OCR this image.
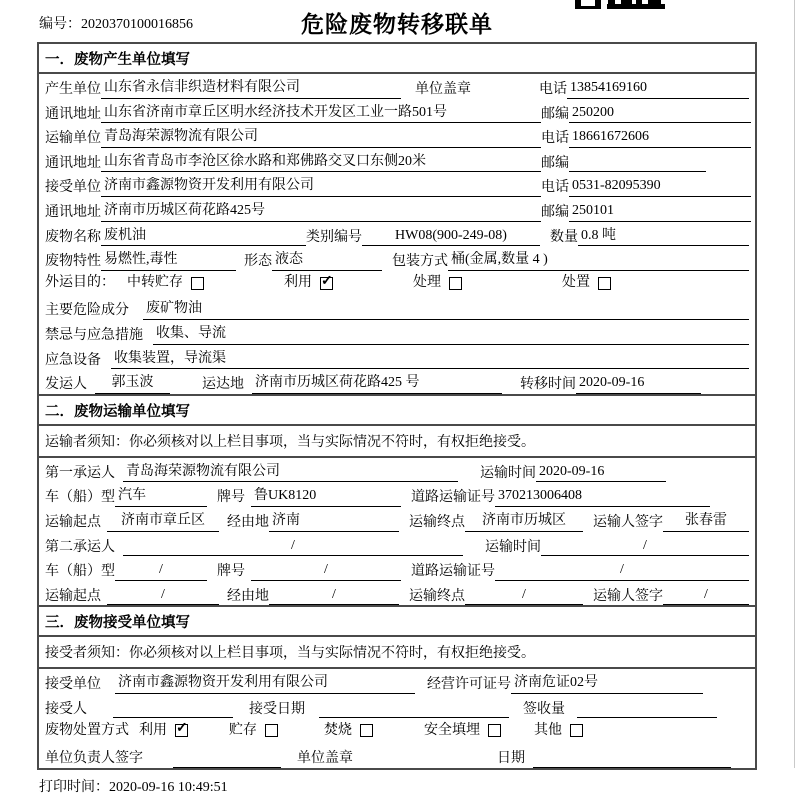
编号：2020370100016856	危险废物转移联单
一．废物产生单位填写
产生单位 山东省永信非织造材料有限公司	单位盖章	电话 13854169160
通讯地址 山东省济南市章丘区明水经济技术开发区工业一路501号	邮编 250200
运输单位 青岛海荣源物流有限公司	电话 18661672606
通讯地址 山东省青岛市李沧区徐水路和郑佛路交叉口东侧20米	邮编
接受单位 济南市鑫源物资开发利用有限公司	电话 0531-82095390
通讯地址 济南市历城区荷花路425号	邮编 250101
废物名称 废机油	类别编号	HW08(900-249-08)	数量 0.8 吨
废物特性 易燃性,毒性	形态 液态	包装方式 桶(金属,数量 4 )
外运目的： 中转贮存	利用 ✓	处理	处置
主要危险成分 废矿物油
禁忌与应急措施 收集、导流
应急设备 收集装置，导流渠
发运人	郭玉波	运达地 济南市历城区荷花路425 号	转移时间 2020-09-16
二．废物运输单位填写
运输者须知：你必须核对以上栏目事项，当与实际情况不符时，有权拒绝接受。
第一承运人 青岛海荣源物流有限公司	运输时间 2020-09-16
车（船）型 汽车	牌号 鲁UK8120	道路运输证号 370213006408
运输起点	济南市章丘区	经由地 济南	运输终点	济南市历城区	运输人签字	张春雷
第二承运人	/	运输时间	/
车（船）型	/	牌号	/	道路运输证号	/
运输起点	/	经由地	/	运输终点	/	运输人签字	/
三．废物接受单位填写
接受者须知：你必须核对以上栏目事项，当与实际情况不符时，有权拒绝接受。
接受单位 济南市鑫源物资开发利用有限公司	经营许可证号 济南危证02号
接受人	接受日期	签收量
废物处置方式 利用 ✓	贮存	焚烧	安全填埋	其他
单位负责人签字	单位盖章	日期
打印时间：2020-09-16 10:49:51
